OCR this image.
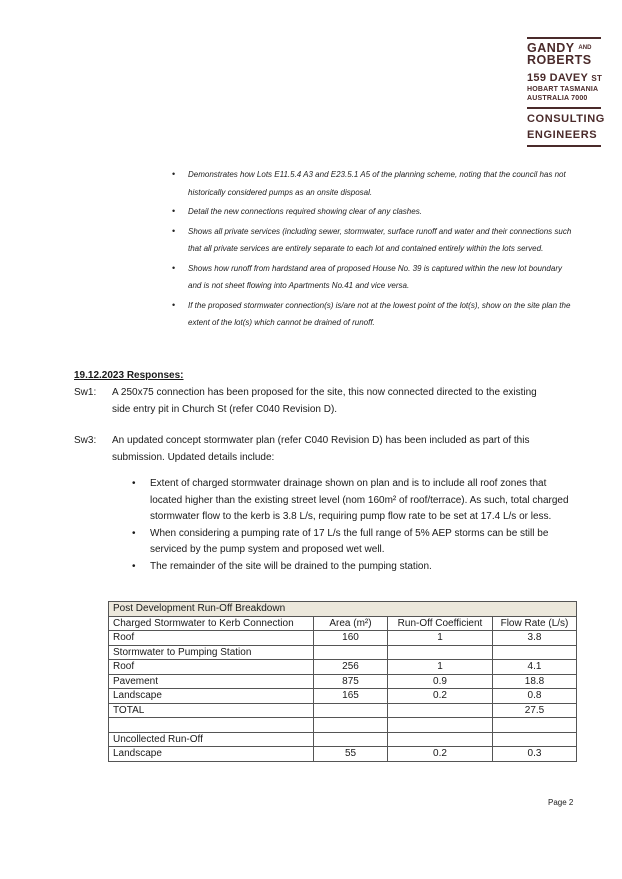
GANDY $^{AND}$
ROBERTS
159 DAVEY ST
HOBART TASMANIA
AUSTRALIA 7000
CONSULTING
ENGINEERS
• Demonstrates how Lots E11.5.4 A3 and E23.5.1 A5 of the planning scheme, noting that the council has not historically considered pumps as an onsite disposal.
• Detail the new connections required showing clear of any clashes.
• Shows all private services (including sewer, stormwater, surface runoff and water and their connections such that all private services are entirely separate to each lot and contained entirely within the lots served.
• Shows how runoff from hardstand area of proposed House No. 39 is captured within the new lot boundary and is not sheet flowing into Apartments No.41 and vice versa.
• If the proposed stormwater connection(s) is/are not at the lowest point of the lot(s), show on the site plan the extent of the lot(s) which cannot be drained of runoff.
19.12.2023 Responses:
Sw1: A 250x75 connection has been proposed for the site, this now connected directed to the existing
side entry pit in Church St (refer C040 Revision D).
Sw3: An updated concept stormwater plan (refer C040 Revision D) has been included as part of this
submission. Updated details include:
• Extent of charged stormwater drainage shown on plan and is to include all roof zones that located higher than the existing street level (nom 160m² of roof/terrace). As such, total charged stormwater flow to the kerb is 3.8 L/s, requiring pump flow rate to be set at 17.4 L/s or less.
• When considering a pumping rate of 17 L/s the full range of 5% AEP storms can be still be serviced by the pump system and proposed wet well.
• The remainder of the site will be drained to the pumping station.
Post Development Run-Off Breakdown			
Charged Stormwater to Kerb Connection	Area (m²)	Run-Off Coefficient	Flow Rate (L/s)
Roof	160	1	3.8
Stormwater to Pumping Station			
Roof	256	1	4.1
Pavement	875	0.9	18.8
Landscape	165	0.2	0.8
TOTAL			27.5

Uncollected Run-Off			
Landscape	55	0.2	0.3
Page 2
